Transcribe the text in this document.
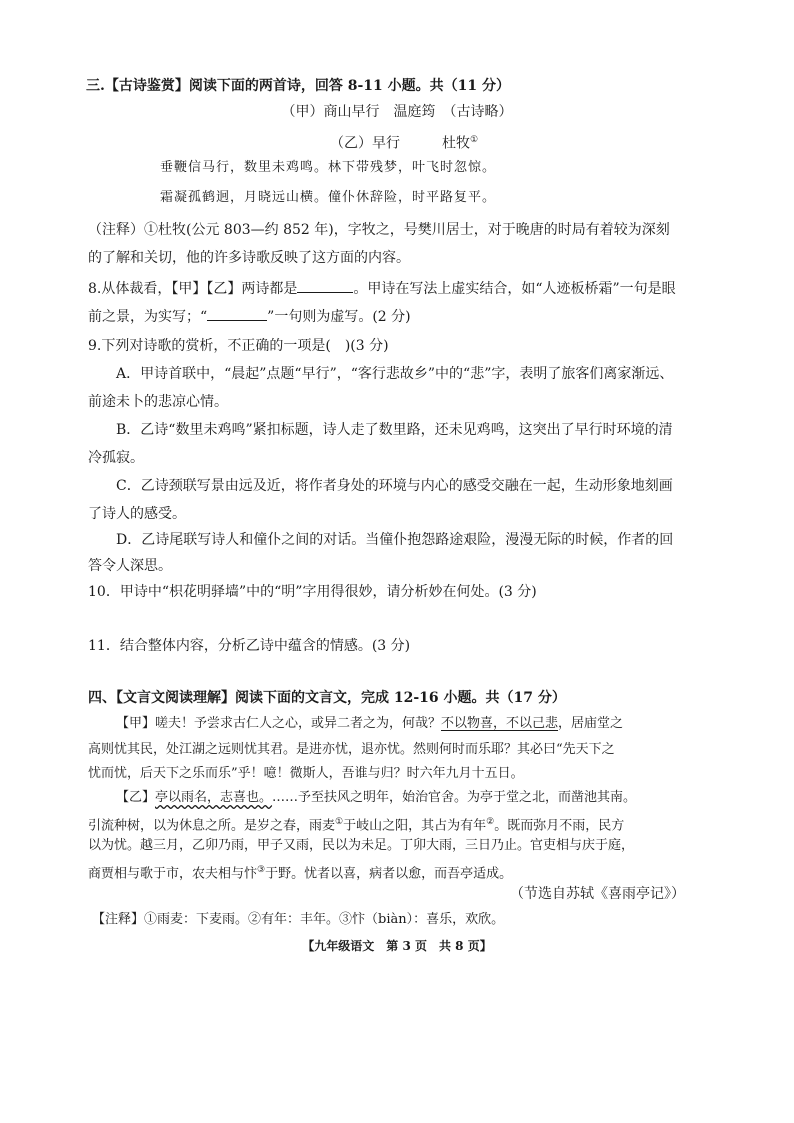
三.【古诗鉴赏】阅读下面的两首诗，回答 8-11 小题。共（11 分）
（甲）商山早行　温庭筠　（古诗略）
（乙）早行　　　杜牧①
垂鞭信马行，数里未鸡鸣。林下带残梦，叶飞时忽惊。
霜凝孤鹤迥，月晓远山横。僮仆休辞险，时平路复平。
（注释）①杜牧(公元 803—约 852 年)，字牧之，号樊川居士，对于晚唐的时局有着较为深刻
的了解和关切，他的许多诗歌反映了这方面的内容。
8.从体裁看，【甲】【乙】两诗都是	。甲诗在写法上虚实结合，如“人迹板桥霜”一句是眼
前之景，为实写；“	”一句则为虚写。(2 分)
9.下列对诗歌的赏析，不正确的一项是(　)(3 分)
A．甲诗首联中，“晨起”点题“早行”，“客行悲故乡”中的“悲”字，表明了旅客们离家渐远、
前途未卜的悲凉心情。
B．乙诗“数里未鸡鸣”紧扣标题，诗人走了数里路，还未见鸡鸣，这突出了早行时环境的清
冷孤寂。
C．乙诗颈联写景由远及近，将作者身处的环境与内心的感受交融在一起，生动形象地刻画
了诗人的感受。
D．乙诗尾联写诗人和僮仆之间的对话。当僮仆抱怨路途艰险，漫漫无际的时候，作者的回
答令人深思。
10．甲诗中“枳花明驿墙”中的“明”字用得很妙，请分析妙在何处。(3 分)
11．结合整体内容，分析乙诗中蕴含的情感。(3 分)
四、【文言文阅读理解】阅读下面的文言文，完成 12-16 小题。共（17 分）
【甲】嗟夫！予尝求古仁人之心，或异二者之为，何哉？不以物喜，不以己悲，居庙堂之
高则忧其民，处江湖之远则忧其君。是进亦忧，退亦忧。然则何时而乐耶？其必曰“先天下之
忧而忧，后天下之乐而乐”乎！噫！微斯人，吾谁与归？时六年九月十五日。
【乙】亭以雨名，志喜也。……予至扶风之明年，始治官舍。为亭于堂之北，而凿池其南。
引流种树，以为休息之所。是岁之春，雨麦①于岐山之阳，其占为有年②。既而弥月不雨，民方
以为忧。越三月，乙卯乃雨，甲子又雨，民以为未足。丁卯大雨，三日乃止。官吏相与庆于庭，
商贾相与歌于市，农夫相与忭③于野。忧者以喜，病者以愈，而吾亭适成。
（节选自苏轼《喜雨亭记》）
【注释】①雨麦：下麦雨。②有年：丰年。③忭（biàn）：喜乐，欢欣。
【九年级语文　第 3 页　共 8 页】
